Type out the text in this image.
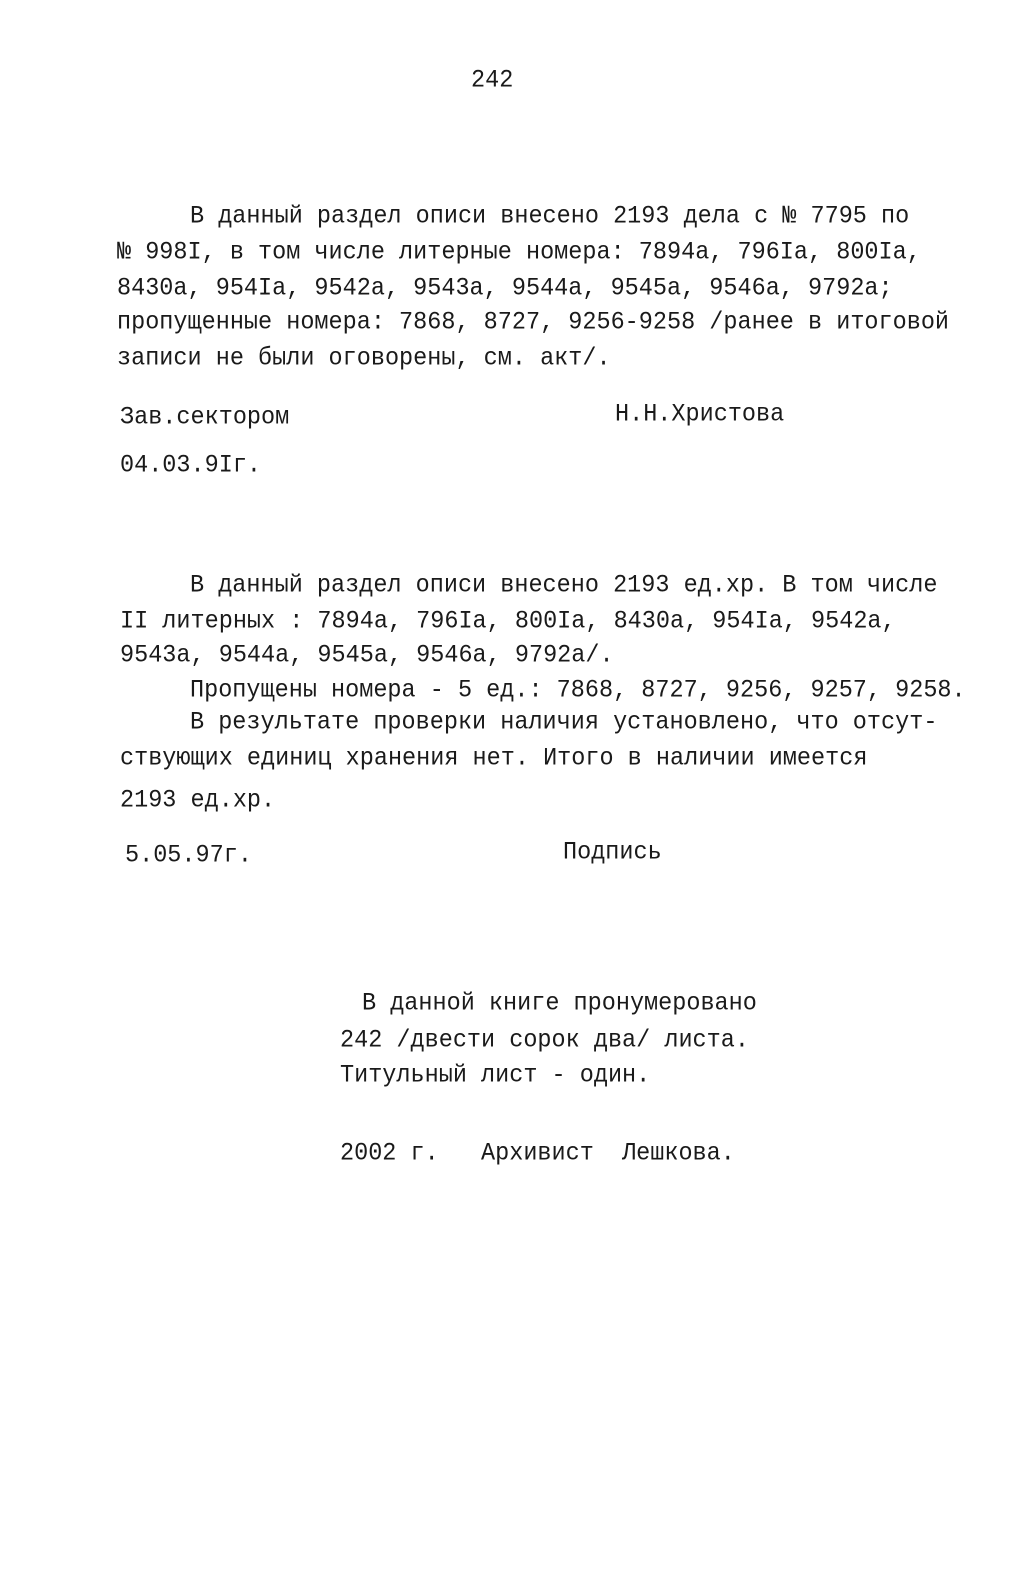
242
В данный раздел описи внесено 2193 дела с № 7795 по
№ 998I, в том числе литерные номера: 7894а, 796Iа, 800Iа,
8430а, 954Iа, 9542а, 9543а, 9544а, 9545а, 9546а, 9792а;
пропущенные номера: 7868, 8727, 9256-9258 /ранее в итоговой
записи не были оговорены, см. акт/.
Зав.сектором	Н.Н.Христова
04.03.9Iг.
В данный раздел описи внесено 2193 ед.хр. В том числе
II литерных : 7894а, 796Iа, 800Iа, 8430а, 954Iа, 9542а,
9543а, 9544а, 9545а, 9546а, 9792а/.
Пропущены номера - 5 ед.: 7868, 8727, 9256, 9257, 9258.
В результате проверки наличия установлено, что отсут-
ствующих единиц хранения нет. Итого в наличии имеется
2193 ед.хр.
5.05.97г.	Подпись
В данной книге пронумеровано
242 /двести сорок два/ листа.
Титульный лист - один.
2002 г.   Архивист  Лешкова.
